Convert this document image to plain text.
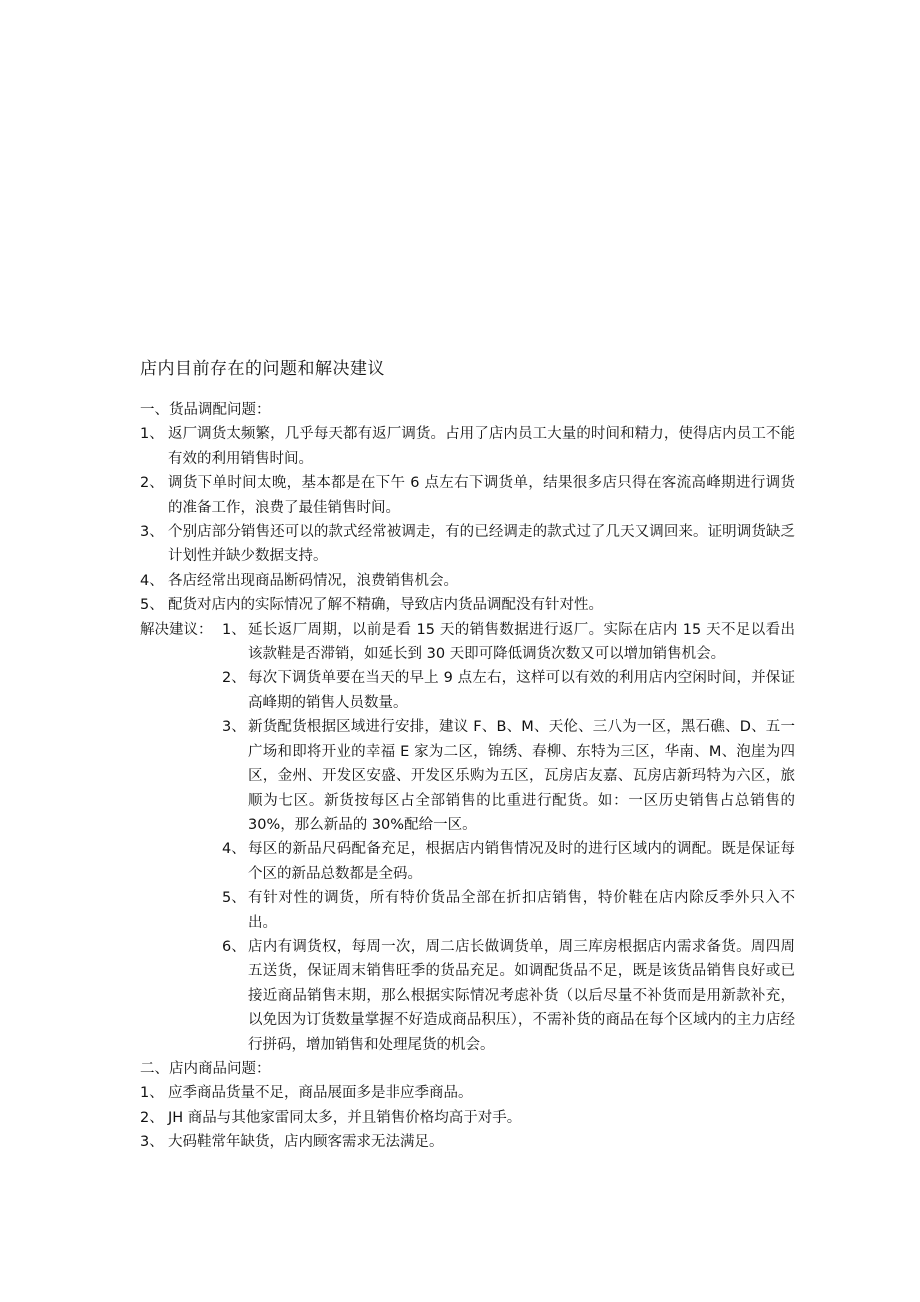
店内目前存在的问题和解决建议
一、货品调配问题：
1、 返厂调货太频繁，几乎每天都有返厂调货。占用了店内员工大量的时间和精力，使得店内员工不能有效的利用销售时间。
2、 调货下单时间太晚，基本都是在下午 6 点左右下调货单，结果很多店只得在客流高峰期进行调货的准备工作，浪费了最佳销售时间。
3、 个别店部分销售还可以的款式经常被调走，有的已经调走的款式过了几天又调回来。证明调货缺乏计划性并缺少数据支持。
4、 各店经常出现商品断码情况，浪费销售机会。
5、 配货对店内的实际情况了解不精确，导致店内货品调配没有针对性。
解决建议： 1、 延长返厂周期，以前是看 15 天的销售数据进行返厂。实际在店内 15 天不足以看出该款鞋是否滞销，如延长到 30 天即可降低调货次数又可以增加销售机会。
2、 每次下调货单要在当天的早上 9 点左右，这样可以有效的利用店内空闲时间，并保证高峰期的销售人员数量。
3、 新货配货根据区域进行安排，建议 F、B、M、天伦、三八为一区，黑石礁、D、五一广场和即将开业的幸福 E 家为二区，锦绣、春柳、东特为三区，华南、M、泡崖为四区，金州、开发区安盛、开发区乐购为五区，瓦房店友嘉、瓦房店新玛特为六区，旅顺为七区。新货按每区占全部销售的比重进行配货。如：一区历史销售占总销售的 30%，那么新品的 30%配给一区。
4、 每区的新品尺码配备充足，根据店内销售情况及时的进行区域内的调配。既是保证每个区的新品总数都是全码。
5、 有针对性的调货，所有特价货品全部在折扣店销售，特价鞋在店内除反季外只入不出。
6、 店内有调货权，每周一次，周二店长做调货单，周三库房根据店内需求备货。周四周五送货，保证周末销售旺季的货品充足。如调配货品不足，既是该货品销售良好或已接近商品销售末期，那么根据实际情况考虑补货（以后尽量不补货而是用新款补充，以免因为订货数量掌握不好造成商品积压），不需补货的商品在每个区域内的主力店经行拼码，增加销售和处理尾货的机会。
二、店内商品问题：
1、 应季商品货量不足，商品展面多是非应季商品。
2、 JH 商品与其他家雷同太多，并且销售价格均高于对手。
3、 大码鞋常年缺货，店内顾客需求无法满足。
